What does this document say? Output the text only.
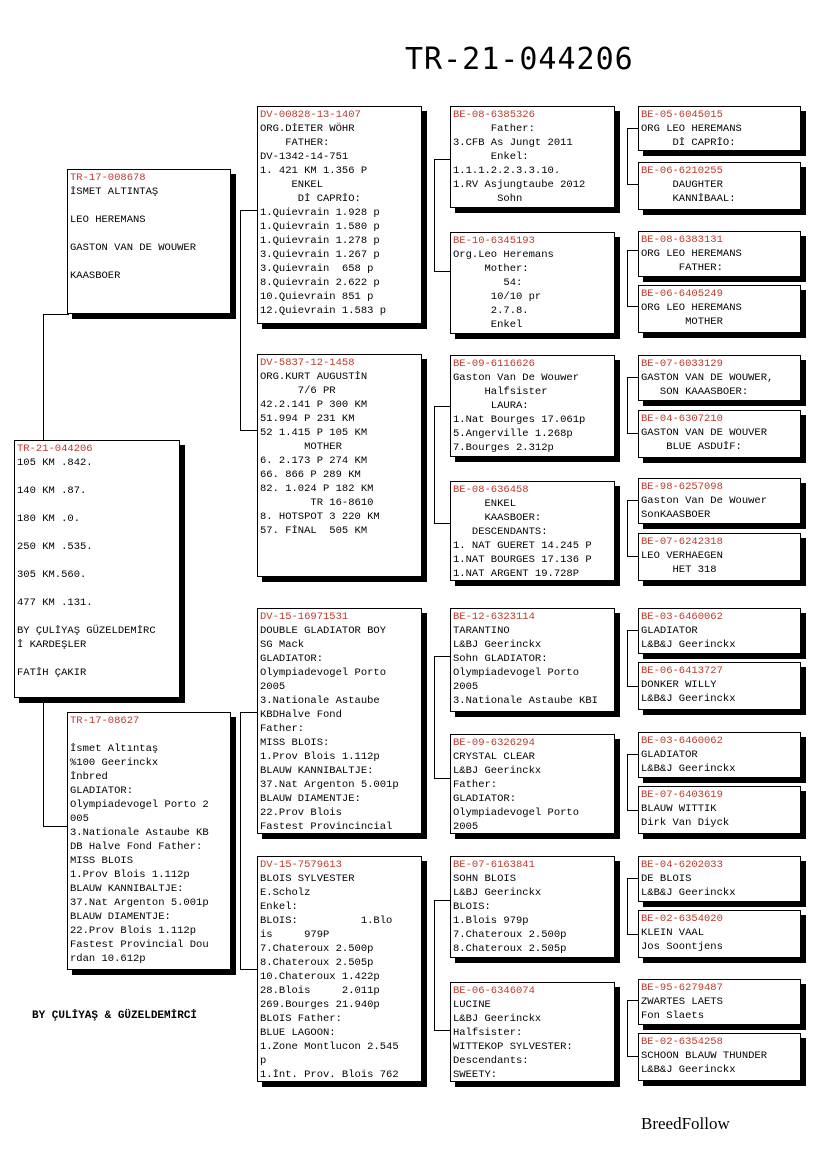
TR-21-044206
TR-21-044206
105 KM .842.
140 KM .87.
180 KM .0.
250 KM .535.
305 KM.560.
477 KM .131.
BY ÇULİYAŞ GÜZELDEMİRC
İ KARDEŞLER
FATİH ÇAKIR
TR-17-008678
İSMET ALTINTAŞ
LEO HEREMANS
GASTON VAN DE WOUWER
KAASBOER
TR-17-08627
İsmet Altıntaş
%100 Geerinckx
İnbred
GLADIATOR:
Olympiadevogel Porto 2
005
3.Nationale Astaube KB
DB Halve Fond Father:
MISS BLOIS
1.Prov Blois 1.112p
BLAUW KANNIBALTJE:
37.Nat Argenton 5.001p
BLAUW DIAMENTJE:
22.Prov Blois 1.112p
Fastest Provincial Dou
rdan 10.612p
DV-00828-13-1407
ORG.DİETER WÖHR
FATHER:
DV-1342-14-751
1. 421 KM 1.356 P
ENKEL
Dİ CAPRİO:
1.Quievrain 1.928 p
1.Quievrain 1.580 p
1.Quievrain 1.278 p
3.Quievrain 1.267 p
3.Quievrain  658 p
8.Quievrain 2.622 p
10.Quievrain 851 p
12.Quievrain 1.583 p
DV-5837-12-1458
ORG.KURT AUGUSTİN
7/6 PR
42.2.141 P 300 KM
51.994 P 231 KM
52 1.415 P 105 KM
MOTHER
6. 2.173 P 274 KM
66. 866 P 289 KM
82. 1.024 P 182 KM
TR 16-8610
8. HOTSPOT 3 220 KM
57. FİNAL  505 KM
DV-15-16971531
DOUBLE GLADIATOR BOY
SG Mack
GLADIATOR:
Olympiadevogel Porto
2005
3.Nationale Astaube
KBDHalve Fond
Father:
MISS BLOIS:
1.Prov Blois 1.112p
BLAUW KANNIBALTJE:
37.Nat Argenton 5.001p
BLAUW DIAMENTJE:
22.Prov Blois
Fastest Provincincial
DV-15-7579613
BLOIS SYLVESTER
E.Scholz
Enkel:
BLOIS:          1.Blo
is     979P
7.Chateroux 2.500p
8.Chateroux 2.505p
10.Chateroux 1.422p
28.Blois     2.011p
269.Bourges 21.940p
BLOIS Father:
BLUE LAGOON:
1.Zone Montlucon 2.545
p
1.İnt. Prov. Blois 762
BE-08-6385326
Father:
3.CFB As Jungt 2011
Enkel:
1.1.1.2.2.3.3.10.
1.RV Asjungtaube 2012
Sohn
BE-10-6345193
Org.Leo Heremans
Mother:
54:
10/10 pr
2.7.8.
Enkel
BE-09-6116626
Gaston Van De Wouwer
Halfsister
LAURA:
1.Nat Bourges 17.061p
5.Angerville 1.268p
7.Bourges 2.312p
BE-08-636458
ENKEL
KAASBOER:
DESCENDANTS:
1. NAT GUERET 14.245 P
1.NAT BOURGES 17.136 P
1.NAT ARGENT 19.728P
BE-12-6323114
TARANTINO
L&BJ Geerinckx
Sohn GLADIATOR:
Olympiadevogel Porto
2005
3.Nationale Astaube KBI
BE-09-6326294
CRYSTAL CLEAR
L&BJ Geerinckx
Father:
GLADIATOR:
Olympiadevogel Porto
2005
BE-07-6163841
SOHN BLOIS
L&BJ Geerinckx
BLOIS:
1.Blois 979p
7.Chateroux 2.500p
8.Chateroux 2.505p
BE-06-6346074
LUCINE
L&BJ Geerinckx
Halfsister:
WITTEKOP SYLVESTER:
Descendants:
SWEETY:
BE-05-6045015
ORG LEO HEREMANS
Dİ CAPRİO:
BE-06-6210255
DAUGHTER
KANNİBAAL:
BE-08-6383131
ORG LEO HEREMANS
FATHER:
BE-06-6405249
ORG LEO HEREMANS
MOTHER
BE-07-6033129
GASTON VAN DE WOUWER,
SON KAAASBOER:
BE-04-6307210
GASTON VAN DE WOUVER
BLUE ASDUİF:
BE-98-6257098
Gaston Van De Wouwer
SonKAASBOER
BE-07-6242318
LEO VERHAEGEN
HET 318
BE-03-6460062
GLADIATOR
L&B&J Geerinckx
BE-06-6413727
DONKER WILLY
L&B&J Geerinckx
BE-03-6460062
GLADIATOR
L&B&J Geerinckx
BE-07-6403619
BLAUW WITTIK
Dirk Van Diyck
BE-04-6202033
DE BLOIS
L&B&J Geerinckx
BE-02-6354020
KLEIN VAAL
Jos Soontjens
BE-95-6279487
ZWARTES LAETS
Fon Slaets
BE-02-6354258
SCHOON BLAUW THUNDER
L&B&J Geerinckx
BY ÇULİYAŞ & GÜZELDEMİRCİ
BreedFollow
